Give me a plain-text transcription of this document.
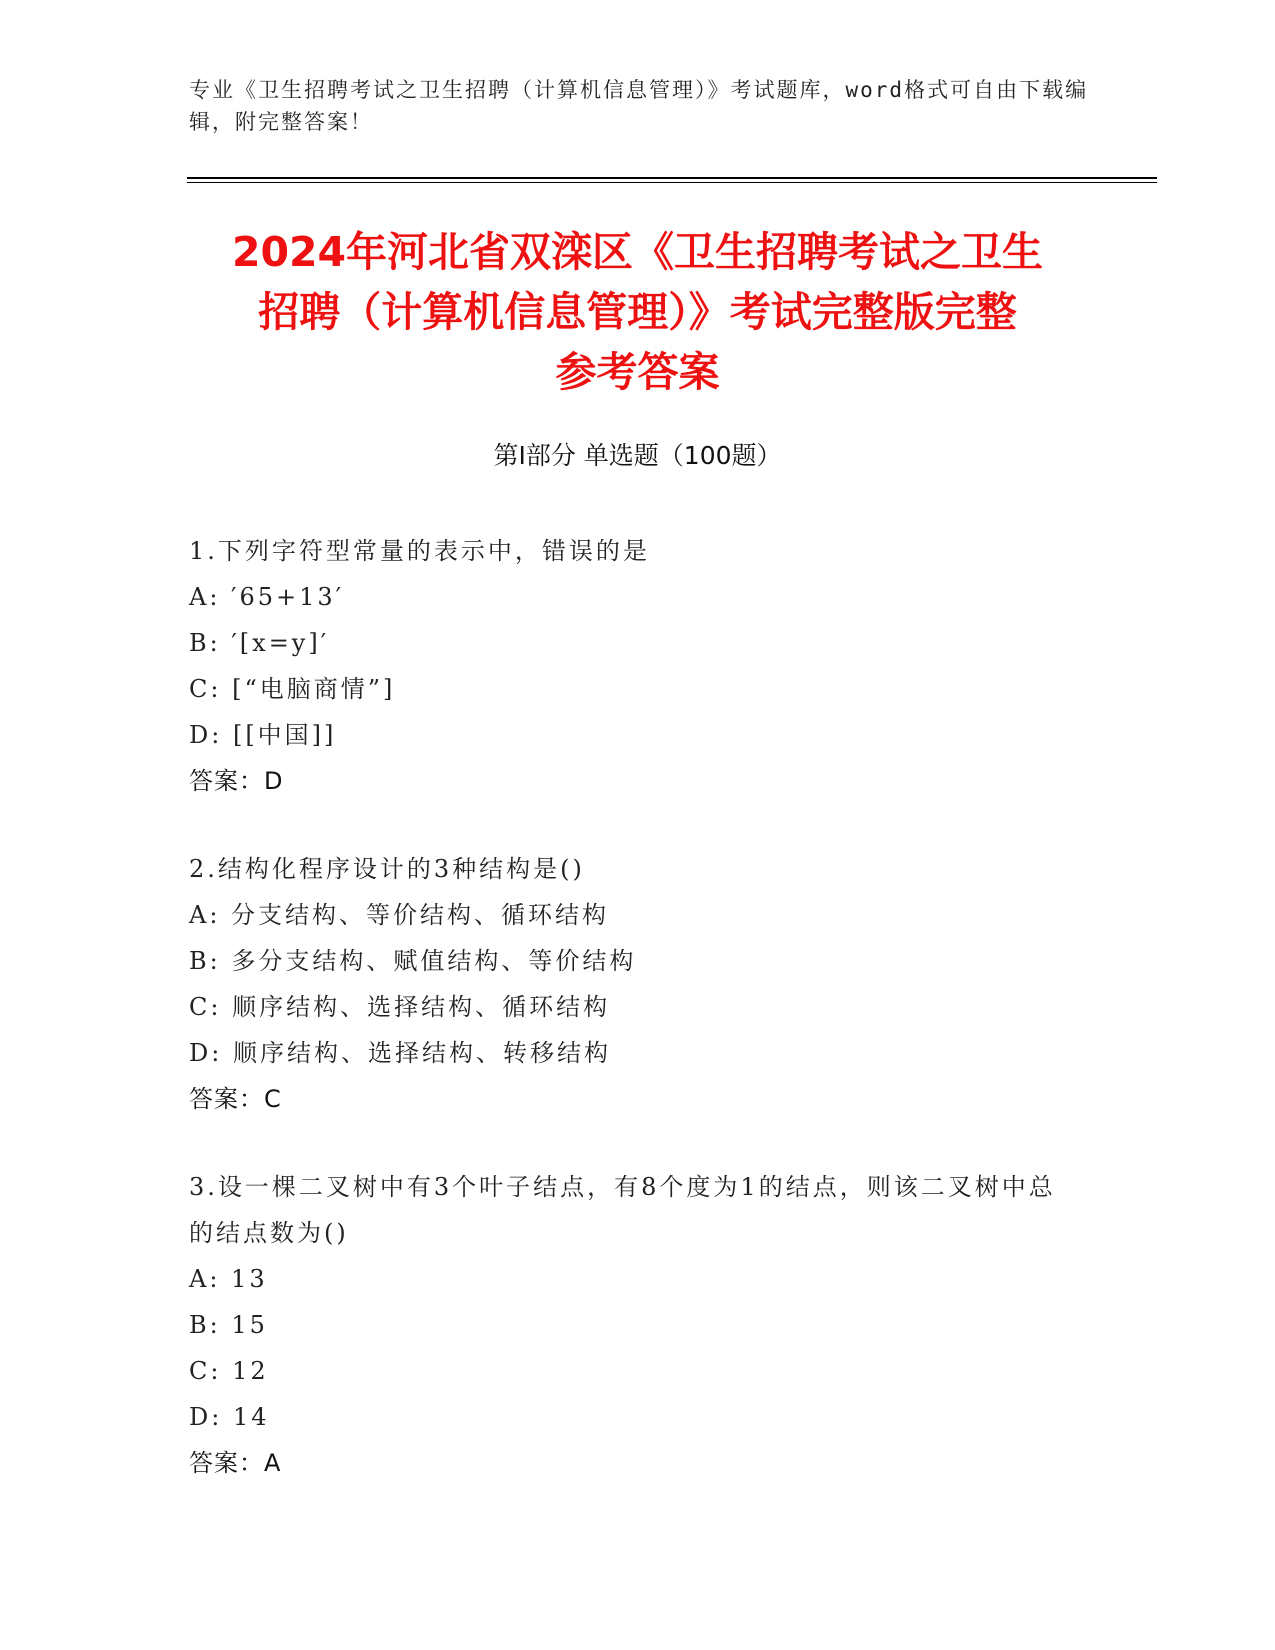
专业《卫生招聘考试之卫生招聘（计算机信息管理）》考试题库，word格式可自由下载编辑，附完整答案！
2024年河北省双滦区《卫生招聘考试之卫生
招聘（计算机信息管理）》考试完整版完整
参考答案
第Ⅰ部分 单选题（100题）
1.下列字符型常量的表示中，错误的是
A: ′65+13′
B: ′[x=y]′
C: [“电脑商情”]
D: [[中国]]
答案：D
2.结构化程序设计的3种结构是()
A: 分支结构、等价结构、循环结构
B: 多分支结构、赋值结构、等价结构
C: 顺序结构、选择结构、循环结构
D: 顺序结构、选择结构、转移结构
答案：C
3.设一棵二叉树中有3个叶子结点，有8个度为1的结点，则该二叉树中总的结点数为()
A: 13
B: 15
C: 12
D: 14
答案：A
